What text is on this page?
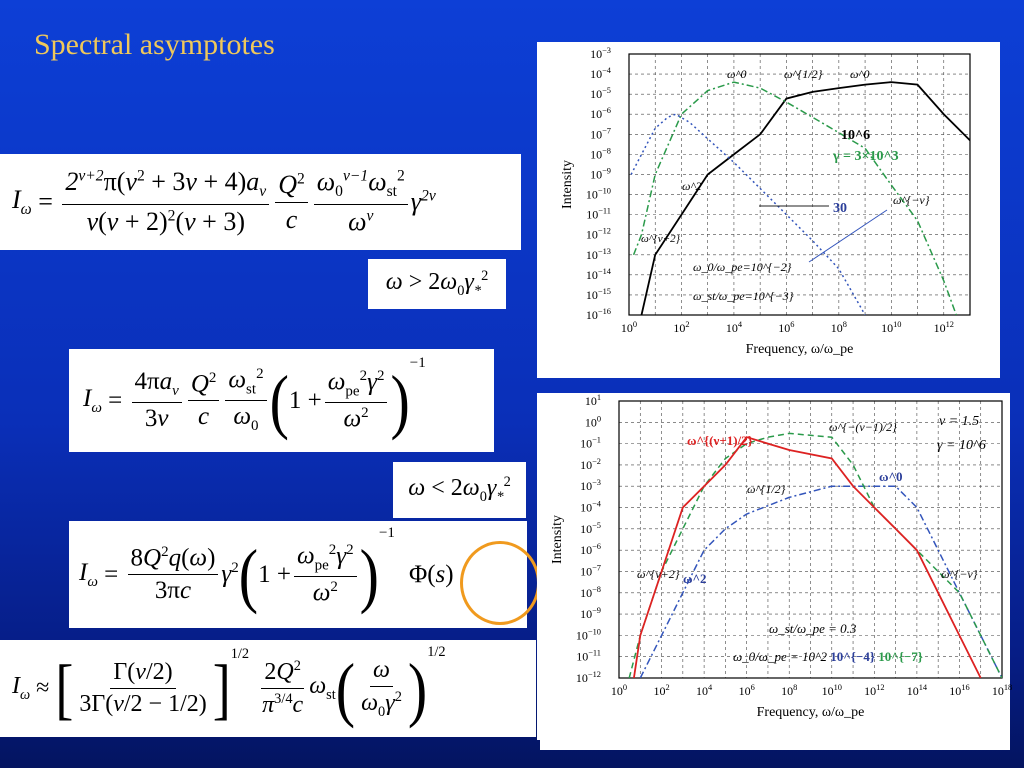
Spectral asymptotes
$I_\omega = \frac{2^{\nu+2}\pi(\nu^2 + 3\nu + 4)a_\nu}{\nu(\nu + 2)^2(\nu + 3)} \frac{Q^2}{c} \frac{\omega_0^{\nu-1}\omega_{st}^2}{\omega^\nu} \gamma^{2\nu}$
$\omega > 2\omega_0\gamma_*^2$
$I_\omega = \frac{4\pi a_\nu}{3\nu} \frac{Q^2}{c} \frac{\omega_{st}^2}{\omega_0}$ ( $1 + \frac{\omega_{pe}^2\gamma^2}{\omega^2} )^{-1}$
$\omega < 2\omega_0\gamma_*^2$
$I_\omega = \frac{8Q^2q(\omega)}{3\pi c} \gamma^2$ ( $1 + \frac{\omega_{pe}^2\gamma^2}{\omega^2}$ )
$^{-1}$
Φ(s)
$I_\omega$ ≈ [ $\frac{\Gamma(\nu/2)}{3\Gamma(\nu/2 - 1/2)} ]^{1/2}$
$\frac{2Q^2}{\pi^{3/4}c} \omega_{st}$ ( $\frac{\omega}{\omega_0\gamma^2} )^{1/2}$
$10^0$	$10^2$	$10^4$	$10^6$	$10^8$	$10^{10}$	$10^{12}$
$10^{-3}$
$10^{-4}$
$10^{-5}$
$10^{-6}$
$10^{-7}$
$10^{-8}$
$10^{-9}$
$10^{-10}$
$10^{-11}$
$10^{-12}$
$10^{-13}$
$10^{-14}$
$10^{-15}$
$10^{-16}$
Frequency, ω/ω_pe
Intensity
ω^0	ω^{1/2} ω^0
ω^2
ω^{ν+2}
ω^{−ν}
30
10^6
γ = 3×10^3
ω_0/ω_pe=10^{−2}
ω_st/ω_pe=10^{−3}
$10^0$ $10^2$ $10^4$ $10^6$ $10^8$ $10^{10}$ $10^{12}$ $10^{14}$ $10^{16}$ $10^{18}$
$10^1$
$10^0$
$10^{-1}$
$10^{-2}$
$10^{-3}$
$10^{-4}$
$10^{-5}$
$10^{-6}$
$10^{-7}$
$10^{-8}$
$10^{-9}$
$10^{-10}$
$10^{-11}$
$10^{-12}$
Frequency, ω/ω_pe
Intensity
ω^{(ν+1)/2}
ω^{−(ν−1)/2}	ν = 1.5
γ = 10^6
ω^0
ω^{1/2}
ω^{ν+2} ω^2	ω^{−ν}
ω_st/ω_pe = 0.3
ω_0/ω_pe = 10^2 10^{−4} 10^{−7}
